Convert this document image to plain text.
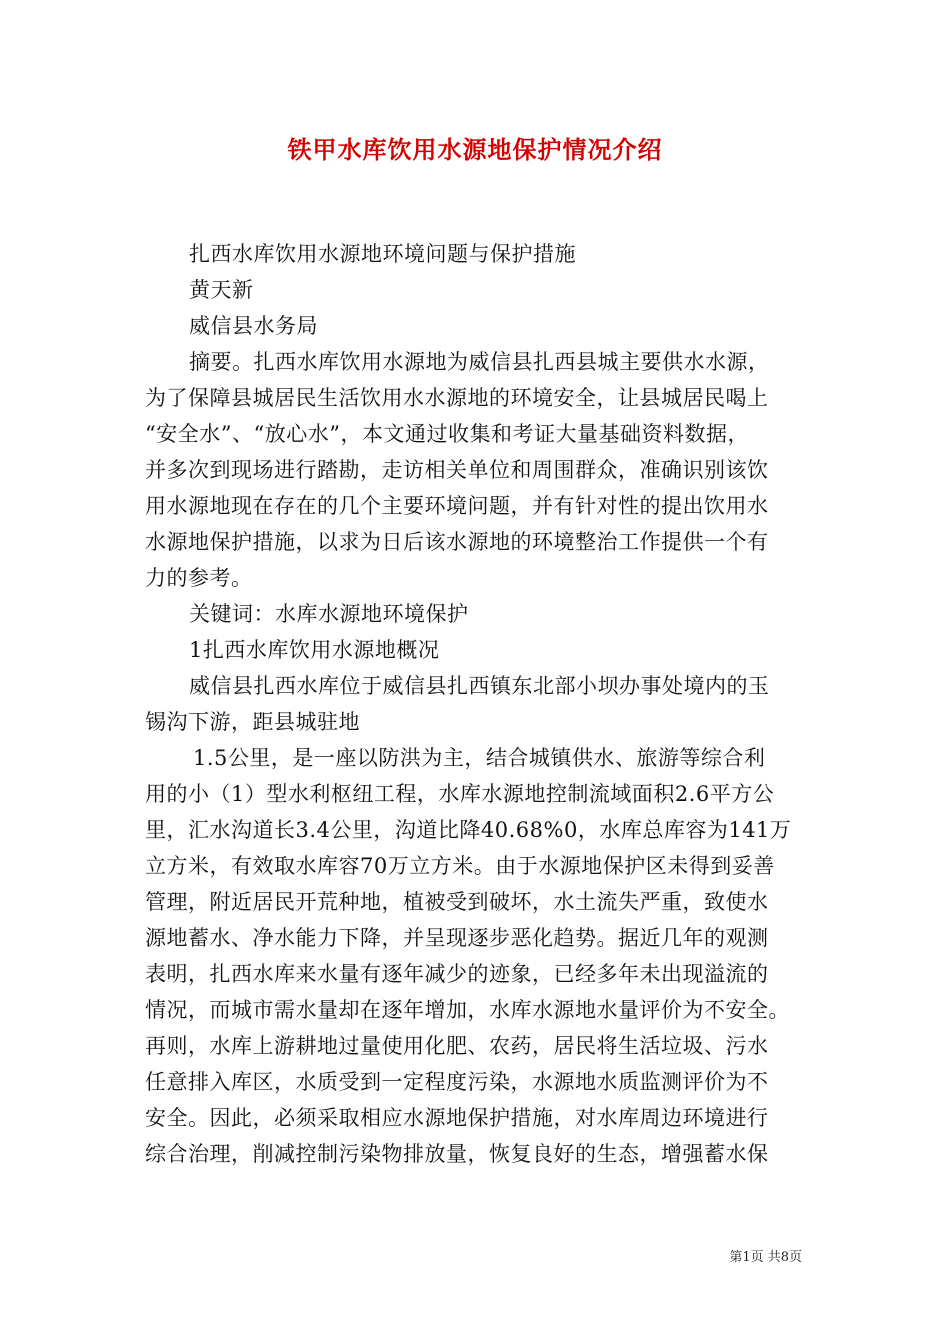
铁甲水库饮用水源地保护情况介绍
扎西水库饮用水源地环境问题与保护措施
黄天新
威信县水务局
摘要。扎西水库饮用水源地为威信县扎西县城主要供水水源，
为了保障县城居民生活饮用水水源地的环境安全，让县城居民喝上
“安全水”、“放心水”，本文通过收集和考证大量基础资料数据，
并多次到现场进行踏勘，走访相关单位和周围群众，准确识别该饮
用水源地现在存在的几个主要环境问题，并有针对性的提出饮用水
水源地保护措施，以求为日后该水源地的环境整治工作提供一个有
力的参考。
关键词：水库水源地环境保护
1扎西水库饮用水源地概况
威信县扎西水库位于威信县扎西镇东北部小坝办事处境内的玉
锡沟下游，距县城驻地
1.5公里，是一座以防洪为主，结合城镇供水、旅游等综合利
用的小（1）型水利枢纽工程，水库水源地控制流域面积2.6平方公
里，汇水沟道长3.4公里，沟道比降40.68%0，水库总库容为141万
立方米，有效取水库容70万立方米。由于水源地保护区未得到妥善
管理，附近居民开荒种地，植被受到破坏，水土流失严重，致使水
源地蓄水、净水能力下降，并呈现逐步恶化趋势。据近几年的观测
表明，扎西水库来水量有逐年减少的迹象，已经多年未出现溢流的
情况，而城市需水量却在逐年增加，水库水源地水量评价为不安全。
再则，水库上游耕地过量使用化肥、农药，居民将生活垃圾、污水
任意排入库区，水质受到一定程度污染，水源地水质监测评价为不
安全。因此，必须采取相应水源地保护措施，对水库周边环境进行
综合治理，削减控制污染物排放量，恢复良好的生态，增强蓄水保
第1页 共8页
